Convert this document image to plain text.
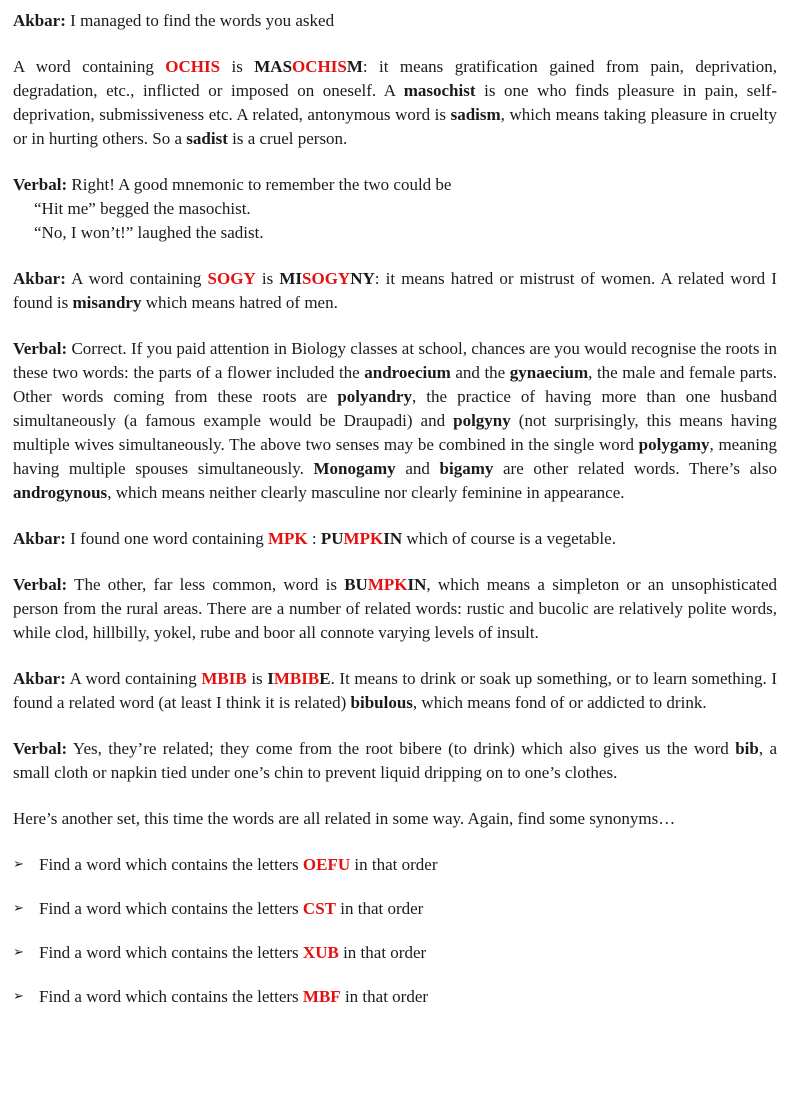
Akbar: I managed to find the words you asked
A word containing OCHIS is MASOCHISM: it means gratification gained from pain, deprivation, degradation, etc., inflicted or imposed on oneself. A masochist is one who finds pleasure in pain, self-deprivation, submissiveness etc. A related, antonymous word is sadism, which means taking pleasure in cruelty or in hurting others. So a sadist is a cruel person.
Verbal: Right! A good mnemonic to remember the two could be
“Hit me” begged the masochist.
“No, I won’t!” laughed the sadist.
Akbar: A word containing SOGY is MISOGYNY: it means hatred or mistrust of women. A related word I found is misandry which means hatred of men.
Verbal: Correct. If you paid attention in Biology classes at school, chances are you would recognise the roots in these two words: the parts of a flower included the androecium and the gynaecium, the male and female parts. Other words coming from these roots are polyandry, the practice of having more than one husband simultaneously (a famous example would be Draupadi) and polgyny (not surprisingly, this means having multiple wives simultaneously. The above two senses may be combined in the single word polygamy, meaning having multiple spouses simultaneously. Monogamy and bigamy are other related words. There’s also androgynous, which means neither clearly masculine nor clearly feminine in appearance.
Akbar: I found one word containing MPK : PUMPKIN which of course is a vegetable.
Verbal: The other, far less common, word is BUMPKIN, which means a simpleton or an unsophisticated person from the rural areas. There are a number of related words: rustic and bucolic are relatively polite words, while clod, hillbilly, yokel, rube and boor all connote varying levels of insult.
Akbar: A word containing MBIB is IMBIBE. It means to drink or soak up something, or to learn something. I found a related word (at least I think it is related) bibulous, which means fond of or addicted to drink.
Verbal: Yes, they’re related; they come from the root bibere (to drink) which also gives us the word bib, a small cloth or napkin tied under one’s chin to prevent liquid dripping on to one’s clothes.
Here’s another set, this time the words are all related in some way. Again, find some synonyms…
➢ Find a word which contains the letters OEFU in that order
➢ Find a word which contains the letters CST in that order
➢ Find a word which contains the letters XUB in that order
➢ Find a word which contains the letters MBF in that order
